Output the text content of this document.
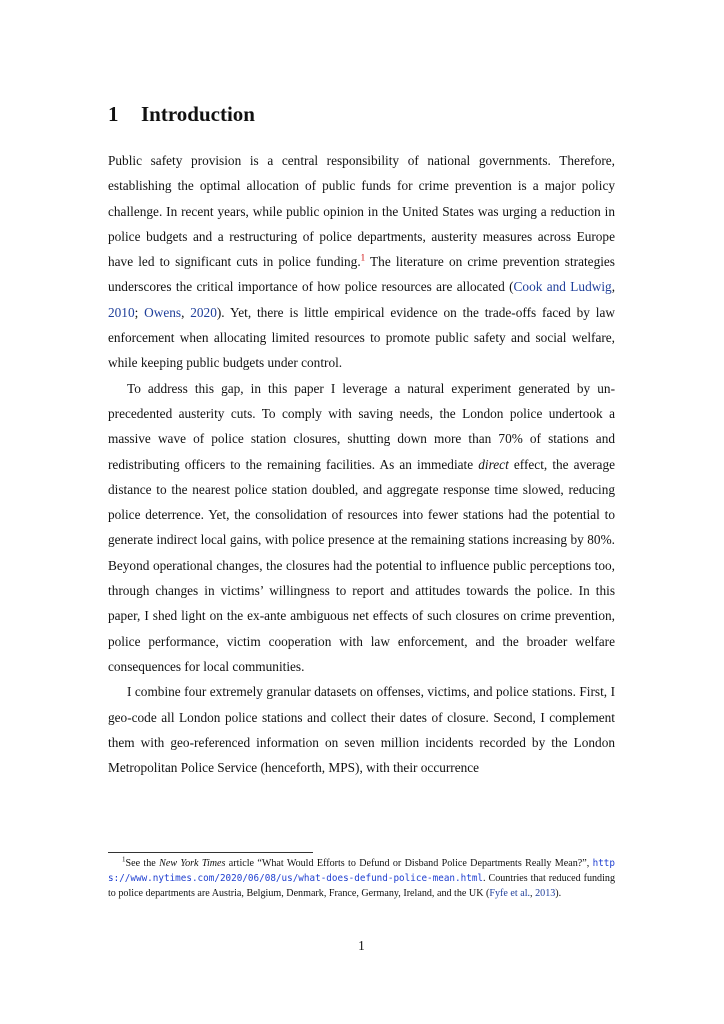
1 Introduction

Public safety provision is a central responsibility of national governments. Therefore, establishing the optimal allocation of public funds for crime prevention is a major policy challenge. In recent years, while public opinion in the United States was urging a reduction in police budgets and a restructuring of police departments, austerity measures across Europe have led to significant cuts in police funding.$^1$ The literature on crime prevention strategies underscores the critical importance of how police resources are allocated (Cook and Ludwig, 2010; Owens, 2020). Yet, there is little empirical evidence on the trade-offs faced by law enforcement when allocating limited resources to promote public safety and social welfare, while keeping public budgets under control.

To address this gap, in this paper I leverage a natural experiment generated by unprecedented austerity cuts. To comply with saving needs, the London police undertook a massive wave of police station closures, shutting down more than 70% of stations and redistributing officers to the remaining facilities. As an immediate direct effect, the average distance to the nearest police station doubled, and aggregate response time slowed, reducing police deterrence. Yet, the consolidation of resources into fewer stations had the potential to generate indirect local gains, with police presence at the remaining stations increasing by 80%. Beyond operational changes, the closures had the potential to influence public perceptions too, through changes in victims’ willingness to report and attitudes towards the police. In this paper, I shed light on the ex-ante ambiguous net effects of such closures on crime prevention, police performance, victim cooperation with law enforcement, and the broader welfare consequences for local communities.

I combine four extremely granular datasets on offenses, victims, and police stations. First, I geo-code all London police stations and collect their dates of closure. Second, I complement them with geo-referenced information on seven million incidents recorded by the London Metropolitan Police Service (henceforth, MPS), with their occurrence

$^1$See the New York Times article “What Would Efforts to Defund or Disband Police Departments Really Mean?”, https://www.nytimes.com/2020/06/08/us/what-does-defund-police-mean.html. Countries that reduced funding to police departments are Austria, Belgium, Denmark, France, Germany, Ireland, and the UK (Fyfe et al., 2013).
1
